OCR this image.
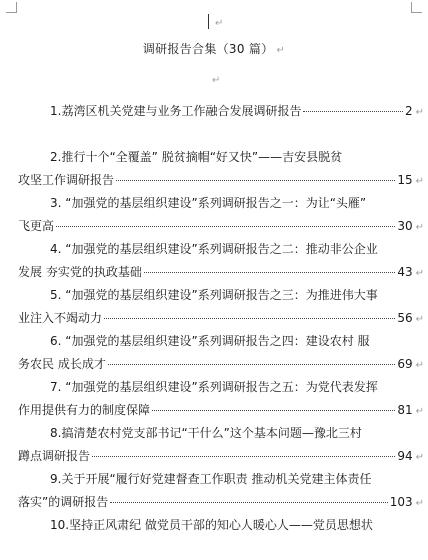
↵
调研报告合集（30 篇） ↵
↵
1.荔湾区机关党建与业务工作融合发展调研报告	2 ↵
2.推行十个“全覆盖” 脱贫摘帽“好又快”——吉安县脱贫
攻坚工作调研报告	15 ↵
3. “加强党的基层组织建设”系列调研报告之一：为让“头雁”
飞更高	30 ↵
4. “加强党的基层组织建设”系列调研报告之二：推动非公企业
发展 夯实党的执政基础	43 ↵
5. “加强党的基层组织建设”系列调研报告之三：为推进伟大事
业注入不竭动力	56 ↵
6. “加强党的基层组织建设”系列调研报告之四：建设农村 服
务农民 成长成才	69 ↵
7. “加强党的基层组织建设”系列调研报告之五：为党代表发挥
作用提供有力的制度保障	81 ↵
8.搞清楚农村党支部书记“干什么”这个基本问题—豫北三村
蹲点调研报告	94 ↵
9.关于开展“履行好党建督查工作职责 推动机关党建主体责任
落实”的调研报告	103 ↵
10.坚持正风肃纪 做党员干部的知心人暖心人——党员思想状
